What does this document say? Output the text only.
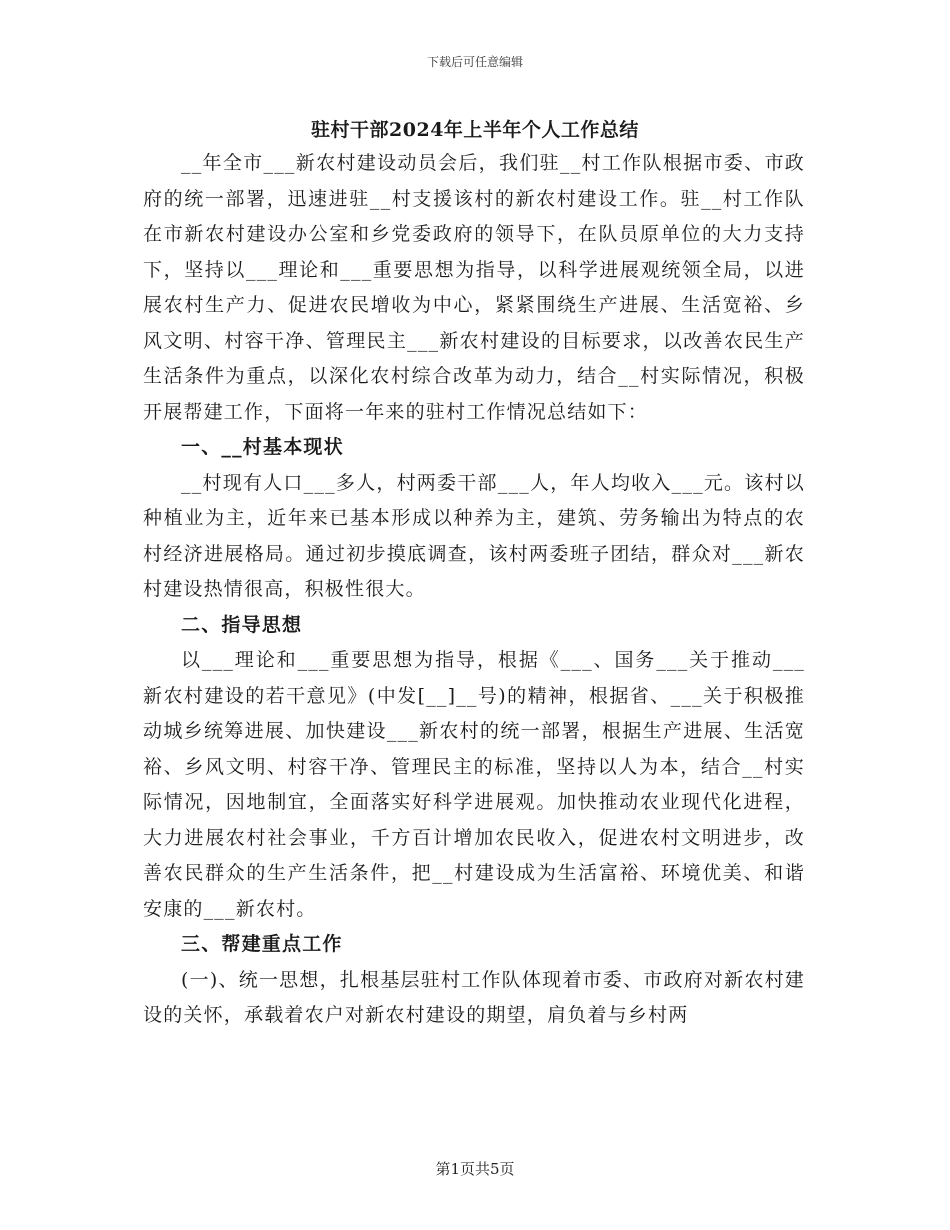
下载后可任意编辑
驻村干部2024年上半年个人工作总结

__年全市___新农村建设动员会后，我们驻__村工作队根据市委、市政府的统一部署，迅速进驻__村支援该村的新农村建设工作。驻__村工作队在市新农村建设办公室和乡党委政府的领导下，在队员原单位的大力支持下，坚持以___理论和___重要思想为指导，以科学进展观统领全局，以进展农村生产力、促进农民增收为中心，紧紧围绕生产进展、生活宽裕、乡风文明、村容干净、管理民主___新农村建设的目标要求，以改善农民生产生活条件为重点，以深化农村综合改革为动力，结合__村实际情况，积极开展帮建工作，下面将一年来的驻村工作情况总结如下：

一、__村基本现状

__村现有人口___多人，村两委干部___人，年人均收入___元。该村以种植业为主，近年来已基本形成以种养为主，建筑、劳务输出为特点的农村经济进展格局。通过初步摸底调查，该村两委班子团结，群众对___新农村建设热情很高，积极性很大。

二、指导思想

以___理论和___重要思想为指导，根据《___、国务___关于推动___新农村建设的若干意见》(中发[__]__号)的精神，根据省、___关于积极推动城乡统筹进展、加快建设___新农村的统一部署，根据生产进展、生活宽裕、乡风文明、村容干净、管理民主的标准，坚持以人为本，结合__村实际情况，因地制宜，全面落实好科学进展观。加快推动农业现代化进程，大力进展农村社会事业，千方百计增加农民收入，促进农村文明进步，改善农民群众的生产生活条件，把__村建设成为生活富裕、环境优美、和谐安康的___新农村。

三、帮建重点工作

(一)、统一思想，扎根基层驻村工作队体现着市委、市政府对新农村建设的关怀，承载着农户对新农村建设的期望，肩负着与乡村两

第1页共5页
